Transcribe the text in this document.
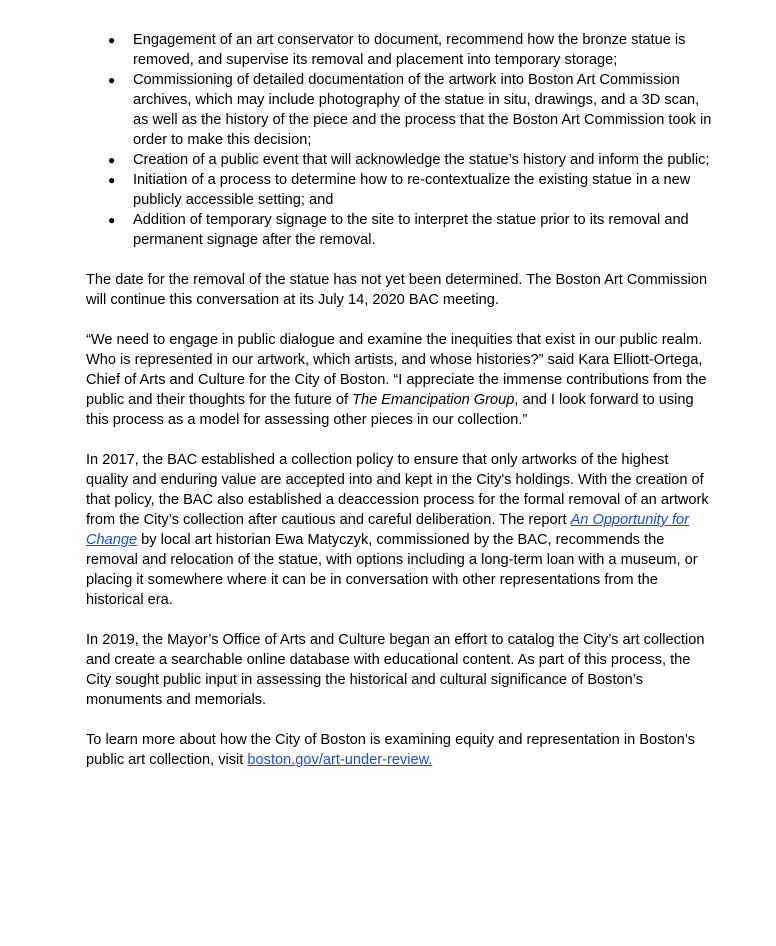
● Engagement of an art conservator to document, recommend how the bronze statue is removed, and supervise its removal and placement into temporary storage;
● Commissioning of detailed documentation of the artwork into Boston Art Commission archives, which may include photography of the statue in situ, drawings, and a 3D scan, as well as the history of the piece and the process that the Boston Art Commission took in order to make this decision;
● Creation of a public event that will acknowledge the statue’s history and inform the public;
● Initiation of a process to determine how to re-contextualize the existing statue in a new publicly accessible setting; and
● Addition of temporary signage to the site to interpret the statue prior to its removal and permanent signage after the removal.

The date for the removal of the statue has not yet been determined. The Boston Art Commission will continue this conversation at its July 14, 2020 BAC meeting.

“We need to engage in public dialogue and examine the inequities that exist in our public realm. Who is represented in our artwork, which artists, and whose histories?” said Kara Elliott-Ortega, Chief of Arts and Culture for the City of Boston. “I appreciate the immense contributions from the public and their thoughts for the future of The Emancipation Group, and I look forward to using this process as a model for assessing other pieces in our collection.”

In 2017, the BAC established a collection policy to ensure that only artworks of the highest quality and enduring value are accepted into and kept in the City's holdings. With the creation of that policy, the BAC also established a deaccession process for the formal removal of an artwork from the City’s collection after cautious and careful deliberation. The report An Opportunity for Change by local art historian Ewa Matyczyk, commissioned by the BAC, recommends the removal and relocation of the statue, with options including a long-term loan with a museum, or placing it somewhere where it can be in conversation with other representations from the historical era.

In 2019, the Mayor’s Office of Arts and Culture began an effort to catalog the City’s art collection and create a searchable online database with educational content. As part of this process, the City sought public input in assessing the historical and cultural significance of Boston’s monuments and memorials.

To learn more about how the City of Boston is examining equity and representation in Boston’s public art collection, visit boston.gov/art-under-review.
